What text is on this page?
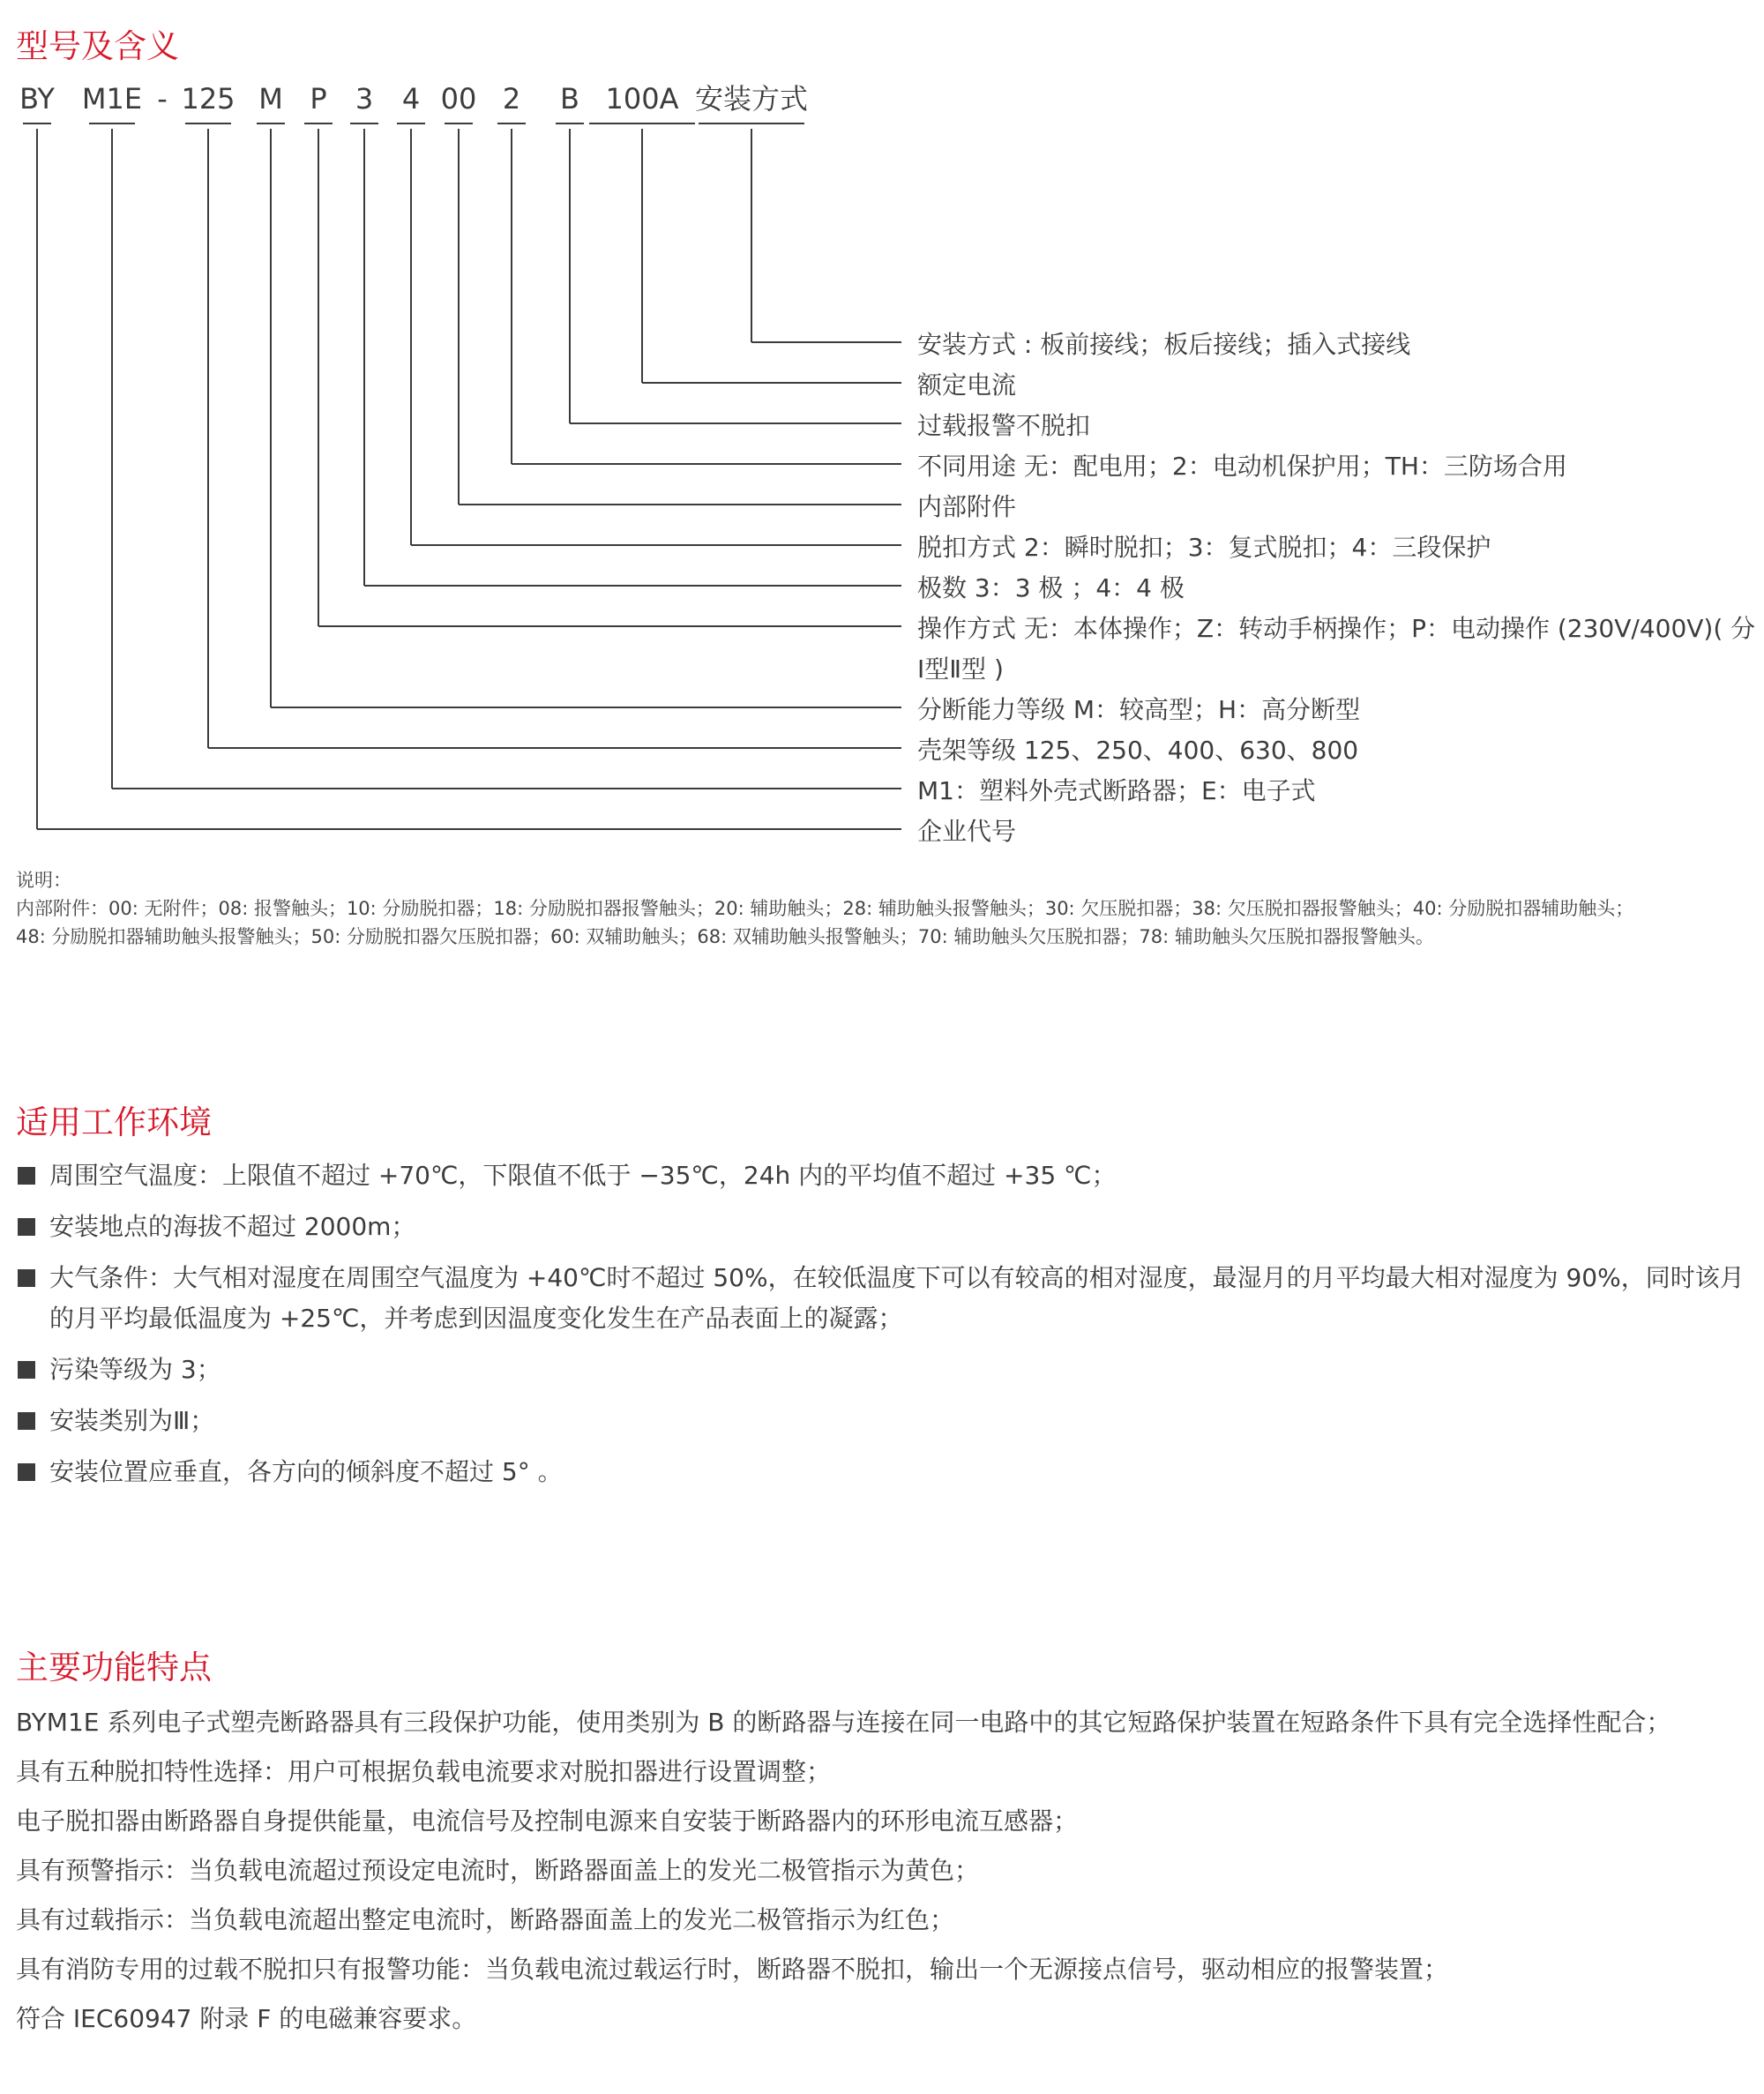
型号及含义
BY M1E - 125 M P 3 4 00 2 B 100A 安装方式
安装方式 : 板前接线；板后接线；插入式接线
额定电流
过载报警不脱扣
不同用途 无：配电用；2：电动机保护用；TH：三防场合用
内部附件
脱扣方式 2：瞬时脱扣；3：复式脱扣；4：三段保护
极数 3：3 极 ；4：4 极
操作方式 无：本体操作；Z：转动手柄操作；P：电动操作 (230V/400V)( 分 Ⅰ型Ⅱ型 )
分断能力等级 M：较高型；H：高分断型
壳架等级 125、250、400、630、800
M1：塑料外壳式断路器；E：电子式
企业代号

说明：

内部附件：00: 无附件；08: 报警触头；10: 分励脱扣器；18: 分励脱扣器报警触头；20: 辅助触头；28: 辅助触头报警触头；30: 欠压脱扣器；38: 欠压脱扣器报警触头；40: 分励脱扣器辅助触头；

48: 分励脱扣器辅助触头报警触头；50: 分励脱扣器欠压脱扣器；60: 双辅助触头；68: 双辅助触头报警触头；70: 辅助触头欠压脱扣器；78: 辅助触头欠压脱扣器报警触头。

适用工作环境
周围空气温度：上限值不超过 +70℃，下限值不低于 −35℃，24h 内的平均值不超过 +35 ℃；
安装地点的海拔不超过 2000m；
大气条件：大气相对湿度在周围空气温度为 +40℃时不超过 50%，在较低温度下可以有较高的相对湿度，最湿月的月平均最大相对湿度为 90%，同时该月的月平均最低温度为 +25℃，并考虑到因温度变化发生在产品表面上的凝露；
污染等级为 3；
安装类别为Ⅲ；
安装位置应垂直，各方向的倾斜度不超过 5° 。
主要功能特点
BYM1E 系列电子式塑壳断路器具有三段保护功能，使用类别为 B 的断路器与连接在同一电路中的其它短路保护装置在短路条件下具有完全选择性配合；
具有五种脱扣特性选择：用户可根据负载电流要求对脱扣器进行设置调整；
电子脱扣器由断路器自身提供能量，电流信号及控制电源来自安装于断路器内的环形电流互感器；
具有预警指示：当负载电流超过预设定电流时，断路器面盖上的发光二极管指示为黄色；
具有过载指示：当负载电流超出整定电流时，断路器面盖上的发光二极管指示为红色；
具有消防专用的过载不脱扣只有报警功能：当负载电流过载运行时，断路器不脱扣，输出一个无源接点信号，驱动相应的报警装置；
符合 IEC60947 附录 F 的电磁兼容要求。
